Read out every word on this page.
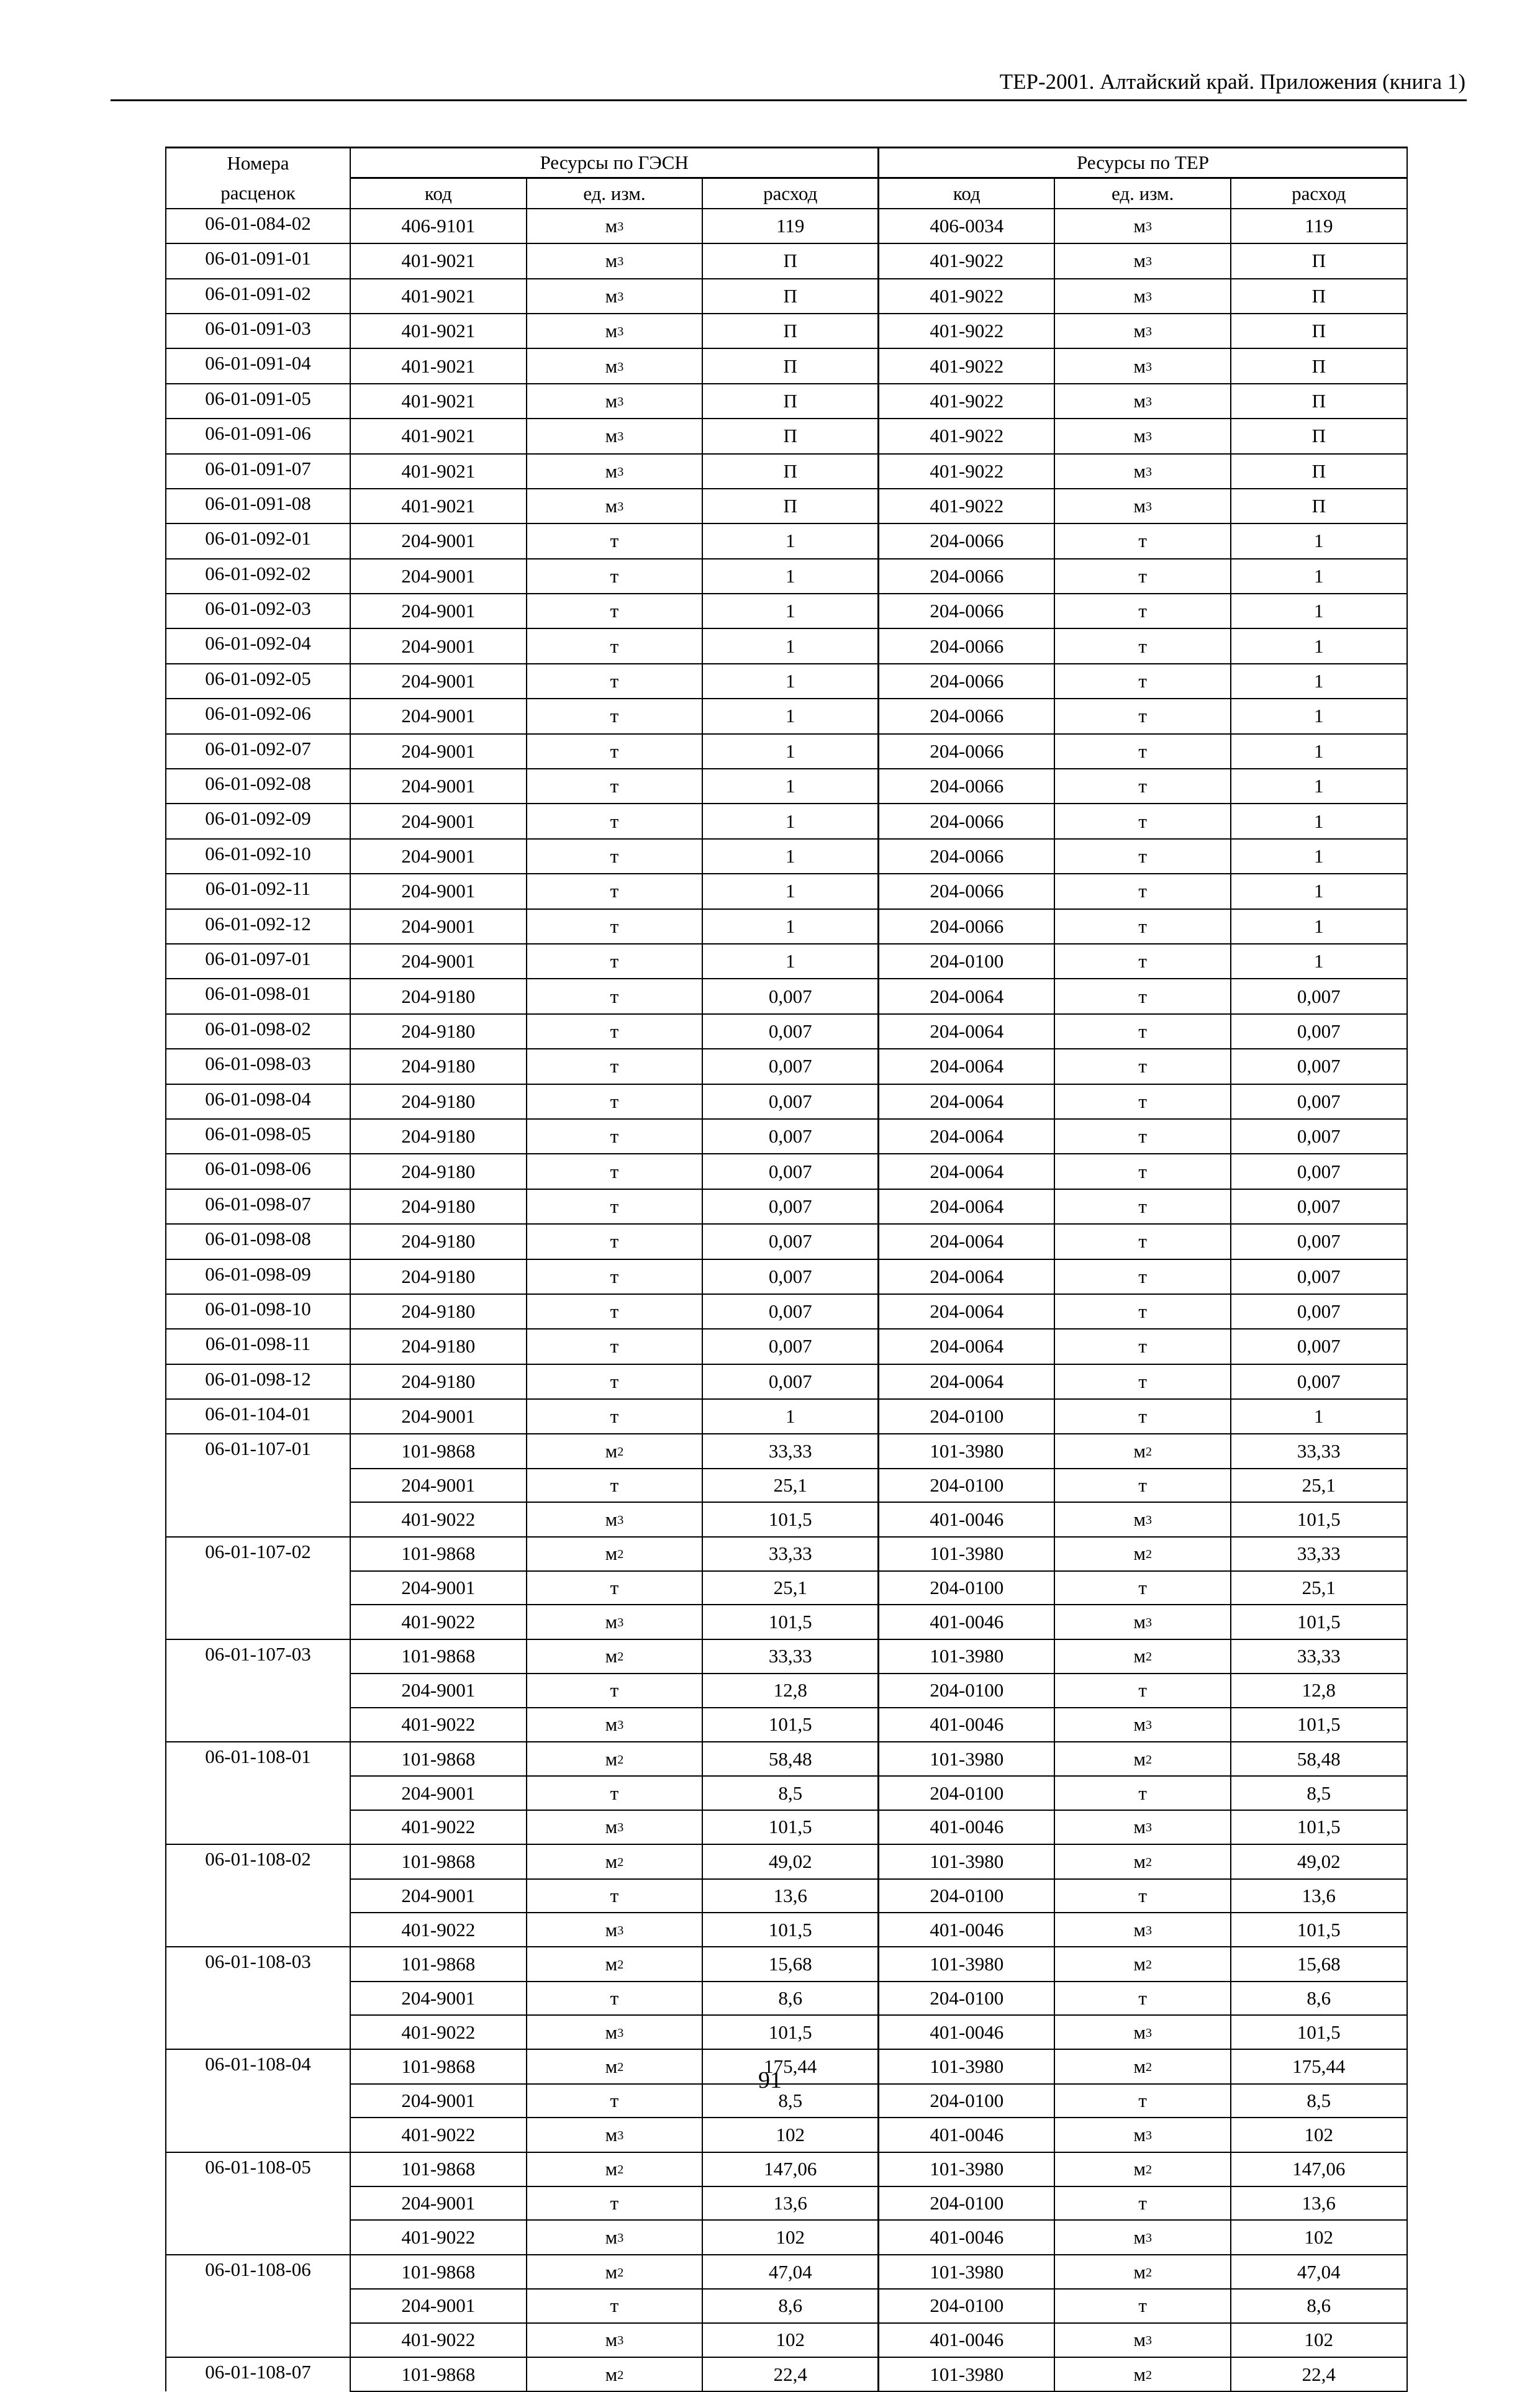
ТЕР-2001. Алтайский край. Приложения (книга 1)
Номера	Ресурсы по ГЭСН			Ресурсы по ТЕР		
расценок	код	ед. изм.	расход	код	ед. изм.	расход
06-01-084-02	406-9101	$м^3$	119	406-0034	$м^3$	119
06-01-091-01	401-9021	$м^3$	П	401-9022	$м^3$	П
06-01-091-02	401-9021	$м^3$	П	401-9022	$м^3$	П
06-01-091-03	401-9021	$м^3$	П	401-9022	$м^3$	П
06-01-091-04	401-9021	$м^3$	П	401-9022	$м^3$	П
06-01-091-05	401-9021	$м^3$	П	401-9022	$м^3$	П
06-01-091-06	401-9021	$м^3$	П	401-9022	$м^3$	П
06-01-091-07	401-9021	$м^3$	П	401-9022	$м^3$	П
06-01-091-08	401-9021	$м^3$	П	401-9022	$м^3$	П
06-01-092-01	204-9001	т	1	204-0066	т	1
06-01-092-02	204-9001	т	1	204-0066	т	1
06-01-092-03	204-9001	т	1	204-0066	т	1
06-01-092-04	204-9001	т	1	204-0066	т	1
06-01-092-05	204-9001	т	1	204-0066	т	1
06-01-092-06	204-9001	т	1	204-0066	т	1
06-01-092-07	204-9001	т	1	204-0066	т	1
06-01-092-08	204-9001	т	1	204-0066	т	1
06-01-092-09	204-9001	т	1	204-0066	т	1
06-01-092-10	204-9001	т	1	204-0066	т	1
06-01-092-11	204-9001	т	1	204-0066	т	1
06-01-092-12	204-9001	т	1	204-0066	т	1
06-01-097-01	204-9001	т	1	204-0100	т	1
06-01-098-01	204-9180	т	0,007	204-0064	т	0,007
06-01-098-02	204-9180	т	0,007	204-0064	т	0,007
06-01-098-03	204-9180	т	0,007	204-0064	т	0,007
06-01-098-04	204-9180	т	0,007	204-0064	т	0,007
06-01-098-05	204-9180	т	0,007	204-0064	т	0,007
06-01-098-06	204-9180	т	0,007	204-0064	т	0,007
06-01-098-07	204-9180	т	0,007	204-0064	т	0,007
06-01-098-08	204-9180	т	0,007	204-0064	т	0,007
06-01-098-09	204-9180	т	0,007	204-0064	т	0,007
06-01-098-10	204-9180	т	0,007	204-0064	т	0,007
06-01-098-11	204-9180	т	0,007	204-0064	т	0,007
06-01-098-12	204-9180	т	0,007	204-0064	т	0,007
06-01-104-01	204-9001	т	1	204-0100	т	1
06-01-107-01	101-9868	$м^2$	33,33	101-3980	$м^2$	33,33
	204-9001	т	25,1	204-0100	т	25,1
	401-9022	$м^3$	101,5	401-0046	$м^3$	101,5
06-01-107-02	101-9868	$м^2$	33,33	101-3980	$м^2$	33,33
	204-9001	т	25,1	204-0100	т	25,1
	401-9022	$м^3$	101,5	401-0046	$м^3$	101,5
06-01-107-03	101-9868	$м^2$	33,33	101-3980	$м^2$	33,33
	204-9001	т	12,8	204-0100	т	12,8
	401-9022	$м^3$	101,5	401-0046	$м^3$	101,5
06-01-108-01	101-9868	$м^2$	58,48	101-3980	$м^2$	58,48
	204-9001	т	8,5	204-0100	т	8,5
	401-9022	$м^3$	101,5	401-0046	$м^3$	101,5
06-01-108-02	101-9868	$м^2$	49,02	101-3980	$м^2$	49,02
	204-9001	т	13,6	204-0100	т	13,6
	401-9022	$м^3$	101,5	401-0046	$м^3$	101,5
06-01-108-03	101-9868	$м^2$	15,68	101-3980	$м^2$	15,68
	204-9001	т	8,6	204-0100	т	8,6
	401-9022	$м^3$	101,5	401-0046	$м^3$	101,5
06-01-108-04	101-9868	$м^2$	175,44	101-3980	$м^2$	175,44
	204-9001	т	8,5	204-0100	т	8,5
	401-9022	$м^3$	102	401-0046	$м^3$	102
06-01-108-05	101-9868	$м^2$	147,06	101-3980	$м^2$	147,06
	204-9001	т	13,6	204-0100	т	13,6
	401-9022	$м^3$	102	401-0046	$м^3$	102
06-01-108-06	101-9868	$м^2$	47,04	101-3980	$м^2$	47,04
	204-9001	т	8,6	204-0100	т	8,6
	401-9022	$м^3$	102	401-0046	$м^3$	102
06-01-108-07	101-9868	$м^2$	22,4	101-3980	$м^2$	22,4
91
